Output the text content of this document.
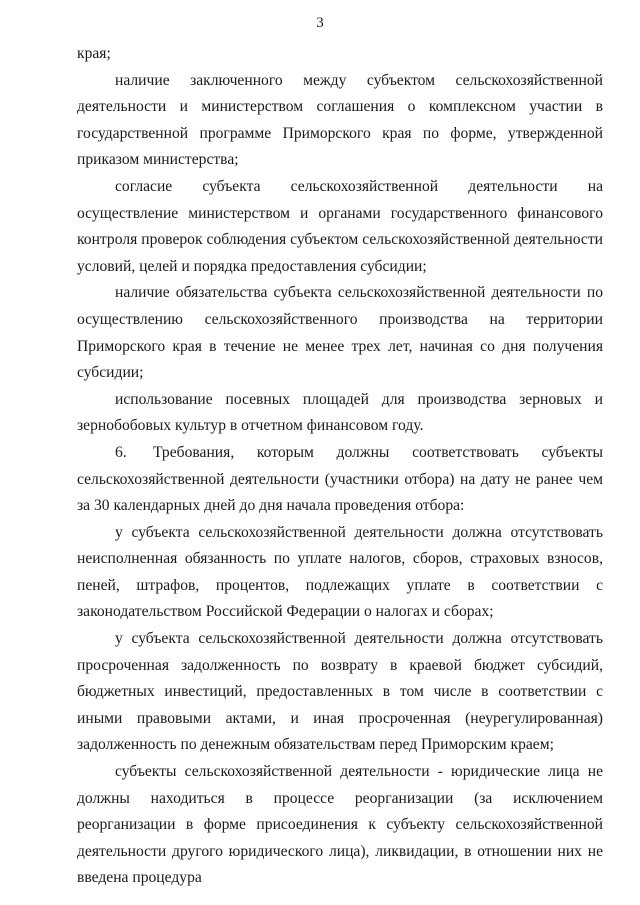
3

края;

наличие заключенного между субъектом сельскохозяйственной деятельности и министерством соглашения о комплексном участии в государственной программе Приморского края по форме, утвержденной приказом министерства;

согласие субъекта сельскохозяйственной деятельности на осуществление министерством и органами государственного финансового контроля проверок соблюдения субъектом сельскохозяйственной деятельности условий, целей и порядка предоставления субсидии;

наличие обязательства субъекта сельскохозяйственной деятельности по осуществлению сельскохозяйственного производства на территории Приморского края в течение не менее трех лет, начиная со дня получения субсидии;

использование посевных площадей для производства зерновых и зернобобовых культур в отчетном финансовом году.

6. Требования, которым должны соответствовать субъекты сельскохозяйственной деятельности (участники отбора) на дату не ранее чем за 30 календарных дней до дня начала проведения отбора:

у субъекта сельскохозяйственной деятельности должна отсутствовать неисполненная обязанность по уплате налогов, сборов, страховых взносов, пеней, штрафов, процентов, подлежащих уплате в соответствии с законодательством Российской Федерации о налогах и сборах;

у субъекта сельскохозяйственной деятельности должна отсутствовать просроченная задолженность по возврату в краевой бюджет субсидий, бюджетных инвестиций, предоставленных в том числе в соответствии с иными правовыми актами, и иная просроченная (неурегулированная) задолженность по денежным обязательствам перед Приморским краем;

субъекты сельскохозяйственной деятельности - юридические лица не должны находиться в процессе реорганизации (за исключением реорганизации в форме присоединения к субъекту сельскохозяйственной деятельности другого юридического лица), ликвидации, в отношении них не введена процедура
